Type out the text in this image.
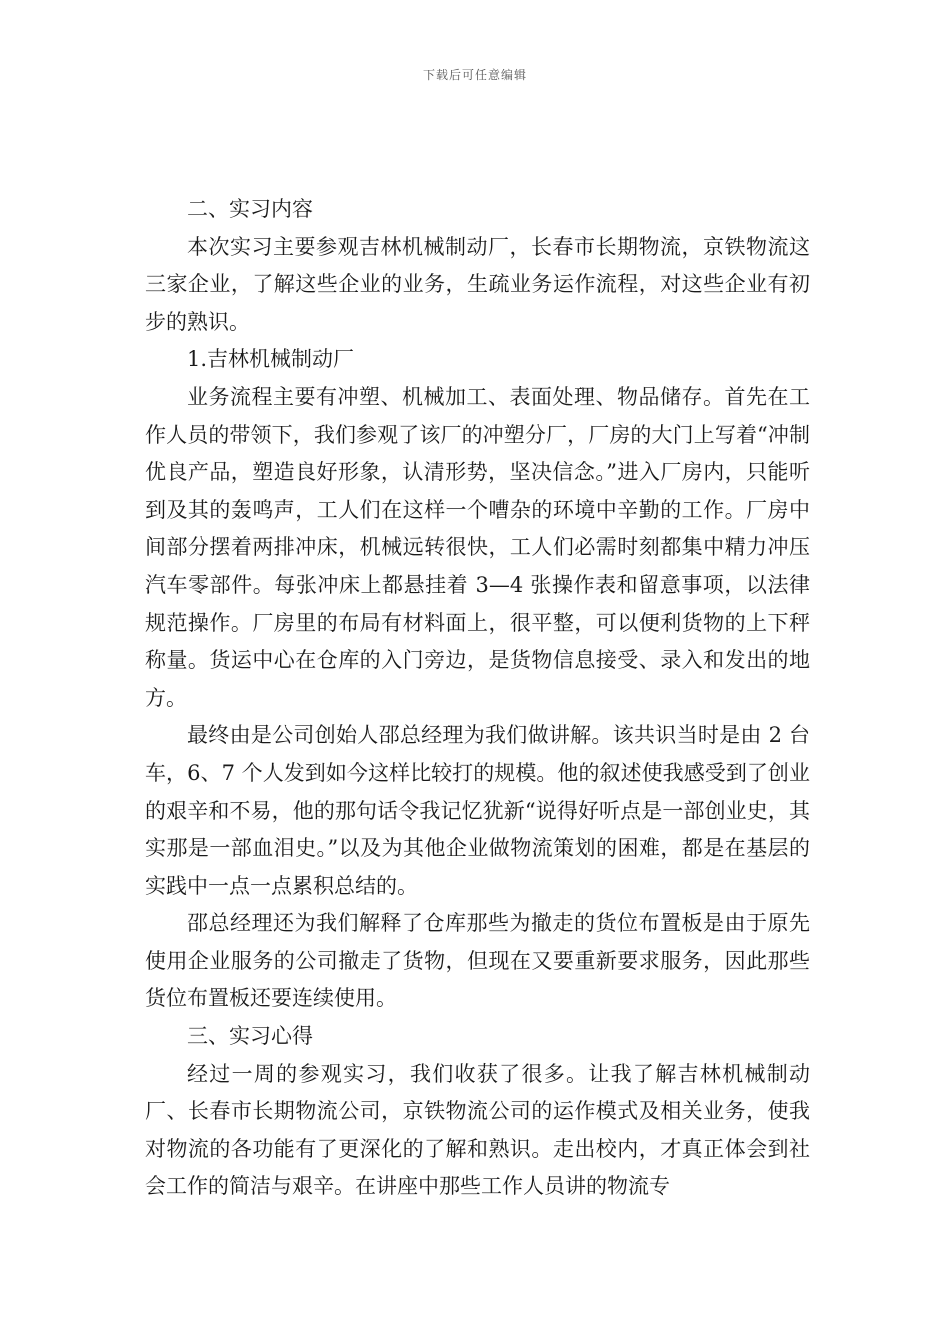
下载后可任意编辑

二、实习内容

本次实习主要参观吉林机械制动厂，长春市长期物流，京铁物流这三家企业，了解这些企业的业务，生疏业务运作流程，对这些企业有初步的熟识。

1.吉林机械制动厂

业务流程主要有冲塑、机械加工、表面处理、物品储存。首先在工作人员的带领下，我们参观了该厂的冲塑分厂，厂房的大门上写着“冲制优良产品，塑造良好形象，认清形势，坚决信念。”进入厂房内，只能听到及其的轰鸣声，工人们在这样一个嘈杂的环境中辛勤的工作。厂房中间部分摆着两排冲床，机械远转很快，工人们必需时刻都集中精力冲压汽车零部件。每张冲床上都悬挂着 3—4 张操作表和留意事项，以法律规范操作。厂房里的布局有材料面上，很平整，可以便利货物的上下秤称量。货运中心在仓库的入门旁边，是货物信息接受、录入和发出的地方。

最终由是公司创始人邵总经理为我们做讲解。该共识当时是由 2 台车，6、7 个人发到如今这样比较打的规模。他的叙述使我感受到了创业的艰辛和不易，他的那句话令我记忆犹新“说得好听点是一部创业史，其实那是一部血泪史。”以及为其他企业做物流策划的困难，都是在基层的实践中一点一点累积总结的。

邵总经理还为我们解释了仓库那些为撤走的货位布置板是由于原先使用企业服务的公司撤走了货物，但现在又要重新要求服务，因此那些货位布置板还要连续使用。

三、实习心得

经过一周的参观实习，我们收获了很多。让我了解吉林机械制动厂、长春市长期物流公司，京铁物流公司的运作模式及相关业务，使我对物流的各功能有了更深化的了解和熟识。走出校内，才真正体会到社会工作的简洁与艰辛。在讲座中那些工作人员讲的物流专
